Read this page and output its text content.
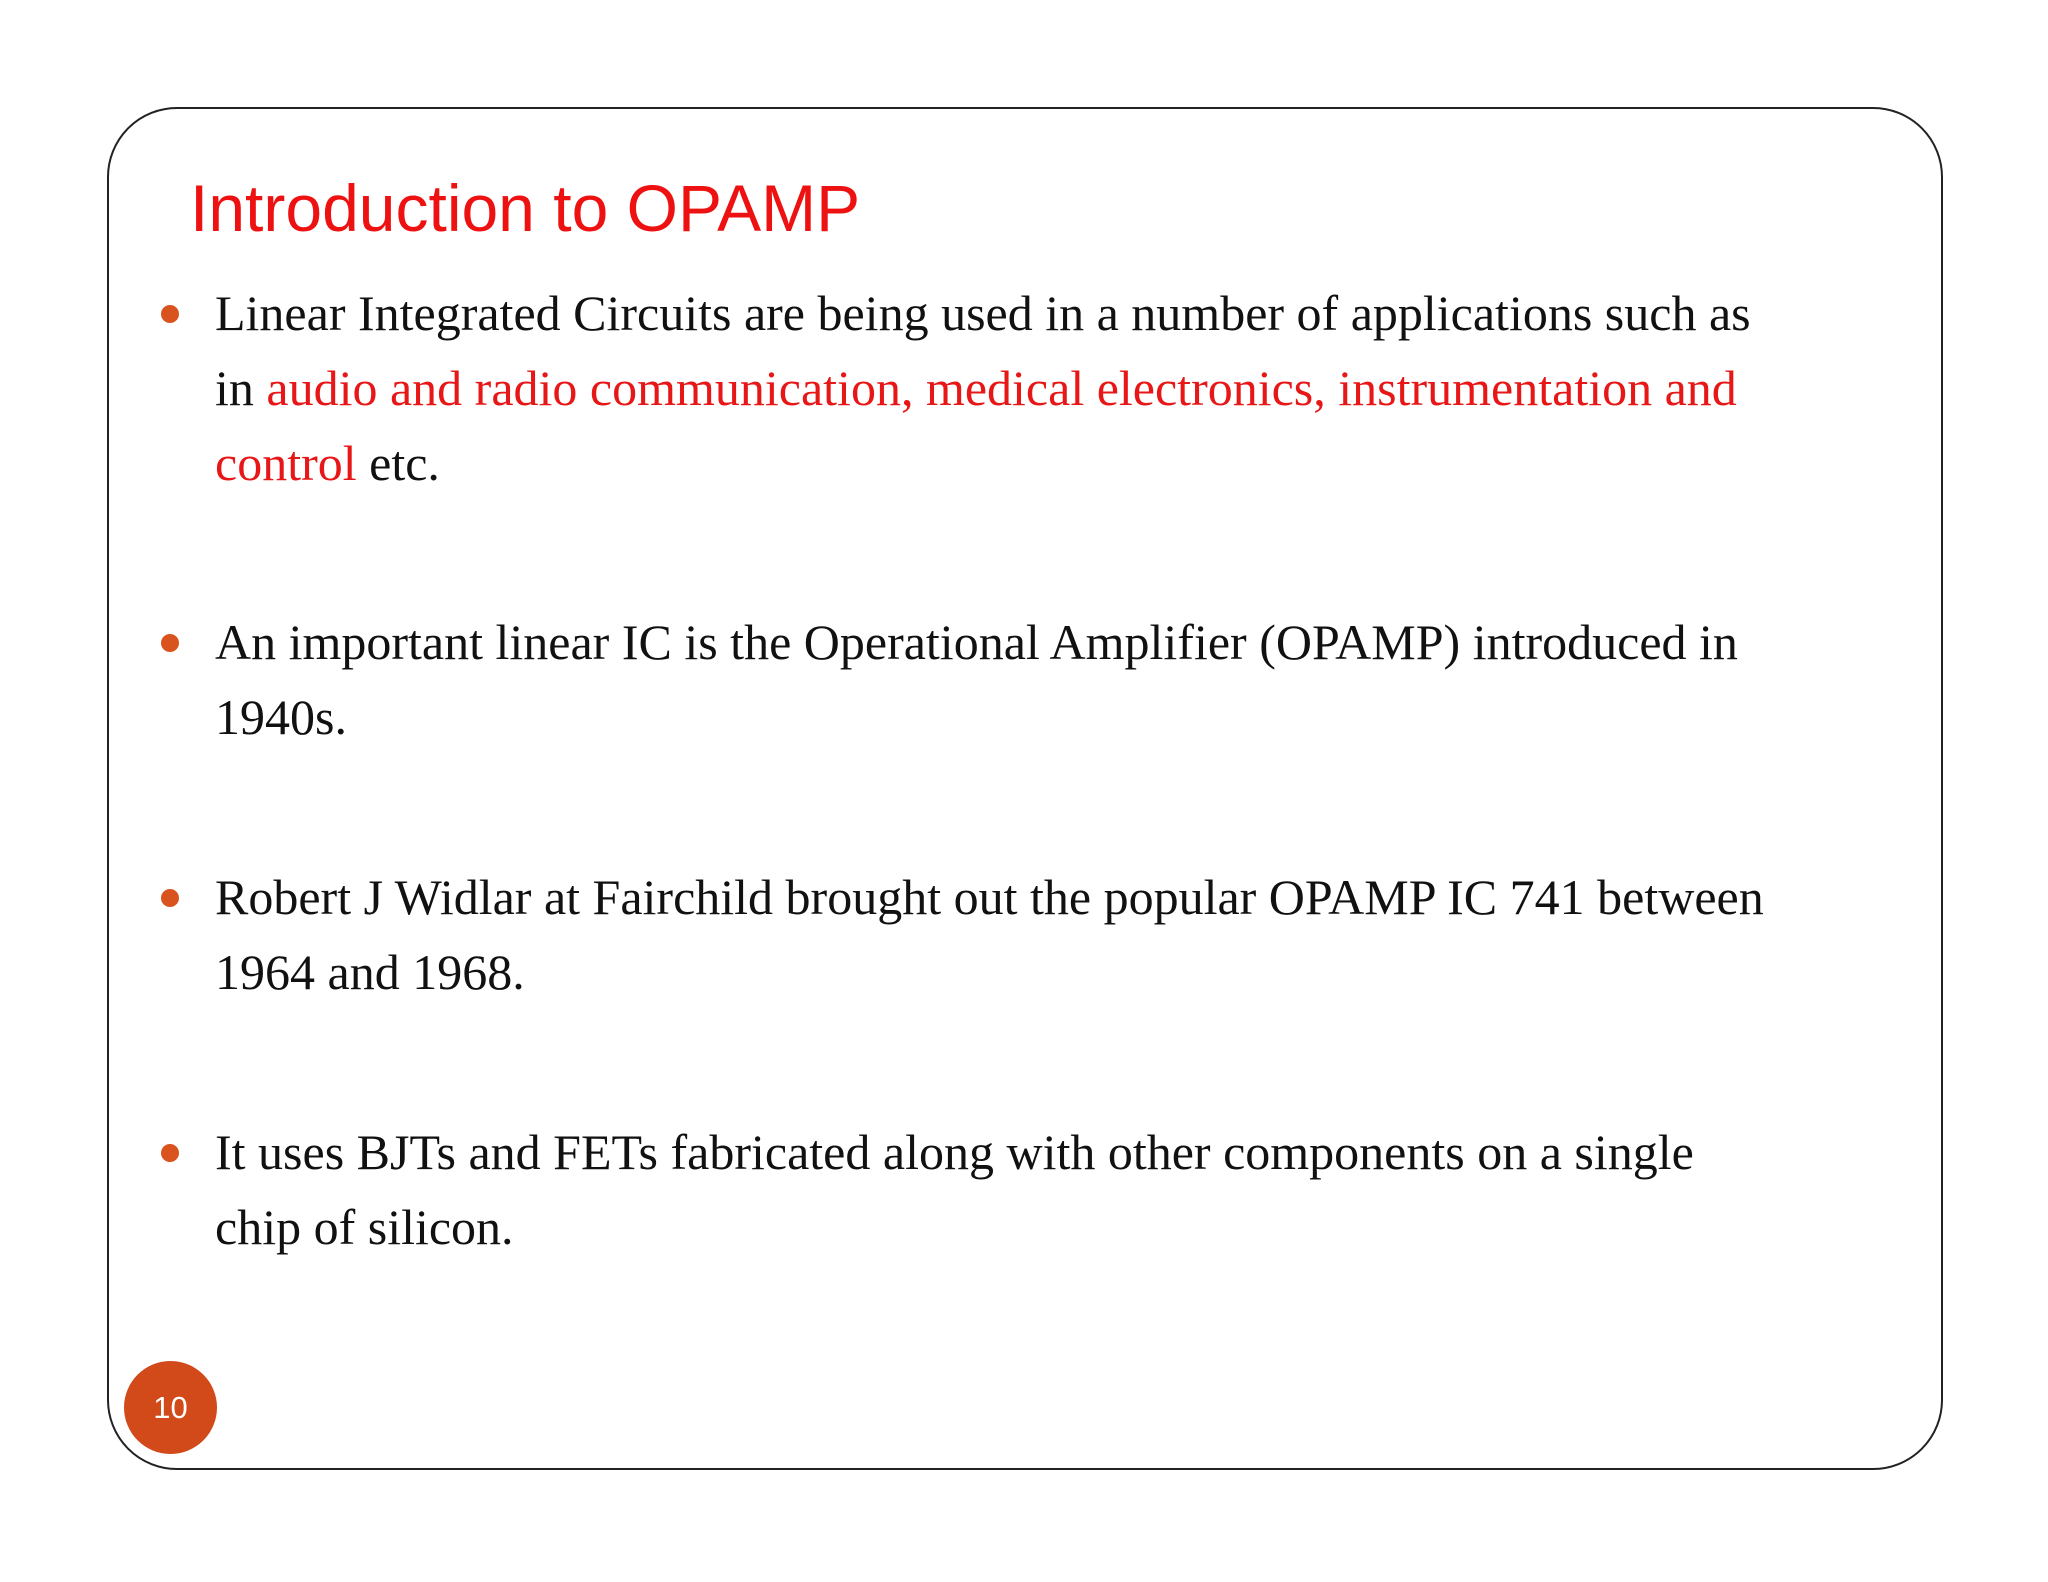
Introduction to OPAMP
Linear Integrated Circuits are being used in a number of applications such as in audio and radio communication, medical electronics, instrumentation and control etc.
An important linear IC is the Operational Amplifier (OPAMP) introduced in 1940s.
Robert J Widlar at Fairchild brought out the popular OPAMP IC 741 between 1964 and 1968.
It uses BJTs and FETs fabricated along with other components on a single chip of silicon.
10
